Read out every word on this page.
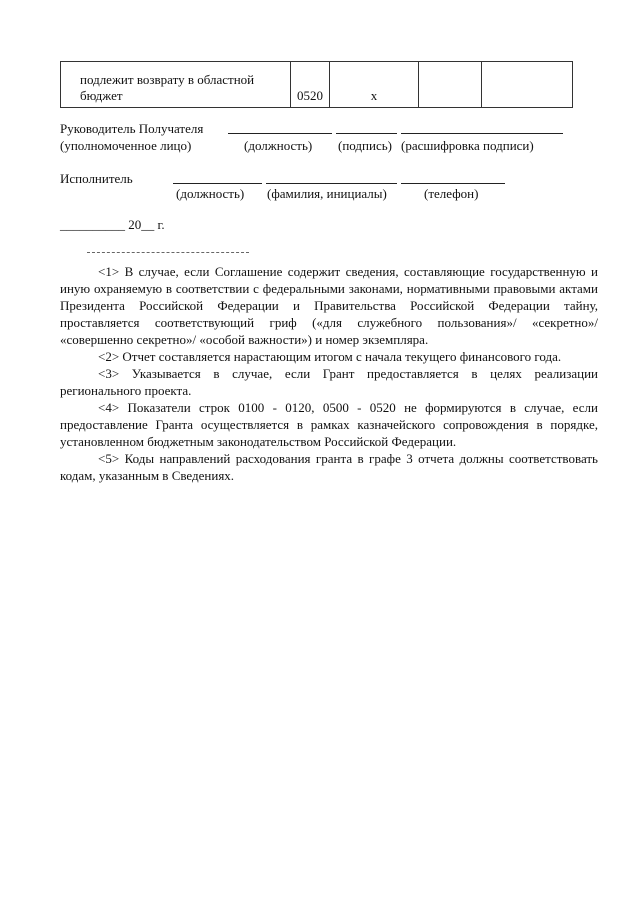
подлежит возврату в областной бюджет	0520	x		
Руководитель Получателя
(уполномоченное лицо)	(должность) (подпись) (расшифровка подписи)
Исполнитель
(должность) (фамилия, инициалы)	(телефон)
__________ 20__ г.

<1> В случае, если Соглашение содержит сведения, составляющие государственную и иную охраняемую в соответствии с федеральными законами, нормативными правовыми актами Президента Российской Федерации и Правительства Российской Федерации тайну, проставляется соответствующий гриф («для служебного пользования»/ «секретно»/ «совершенно секретно»/ «особой важности») и номер экземпляра.

<2> Отчет составляется нарастающим итогом с начала текущего финансового года.

<3> Указывается в случае, если Грант предоставляется в целях реализации регионального проекта.

<4> Показатели строк 0100 - 0120, 0500 - 0520 не формируются в случае, если предоставление Гранта осуществляется в рамках казначейского сопровождения в порядке, установленном бюджетным законодательством Российской Федерации.

<5> Коды направлений расходования гранта в графе 3 отчета должны соответствовать кодам, указанным в Сведениях.
